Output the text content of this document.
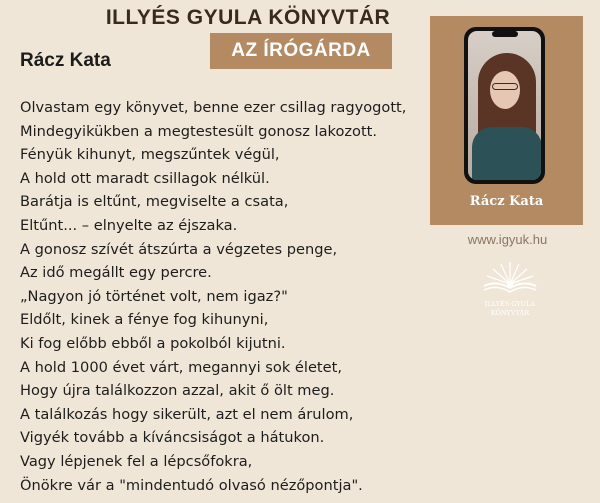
ILLYÉS GYULA KÖNYVTÁR
AZ ÍRÓGÁRDA
Rácz Kata
Olvastam egy könyvet, benne ezer csillag ragyogott,
Mindegyikükben a megtestesült gonosz lakozott.
Fényük kihunyt, megszűntek végül,
A hold ott maradt csillagok nélkül.
Barátja is eltűnt, megviselte a csata,
Eltűnt... – elnyelte az éjszaka.
A gonosz szívét átszúrta a végzetes penge,
Az idő megállt egy percre.
„Nagyon jó történet volt, nem igaz?"
Eldőlt, kinek a fénye fog kihunyni,
Ki fog előbb ebből a pokolból kijutni.
A hold 1000 évet várt, megannyi sok életet,
Hogy újra találkozzon azzal, akit ő ölt meg.
A találkozás hogy sikerült, azt el nem árulom,
Vigyék tovább a kíváncsiságot a hátukon.
Vagy lépjenek fel a lépcsőfokra,
Önökre vár a "mindentudó olvasó nézőpontja".
Rácz Kata
www.igyuk.hu
ILLYÉS GYULA
KÖNYVTÁR
